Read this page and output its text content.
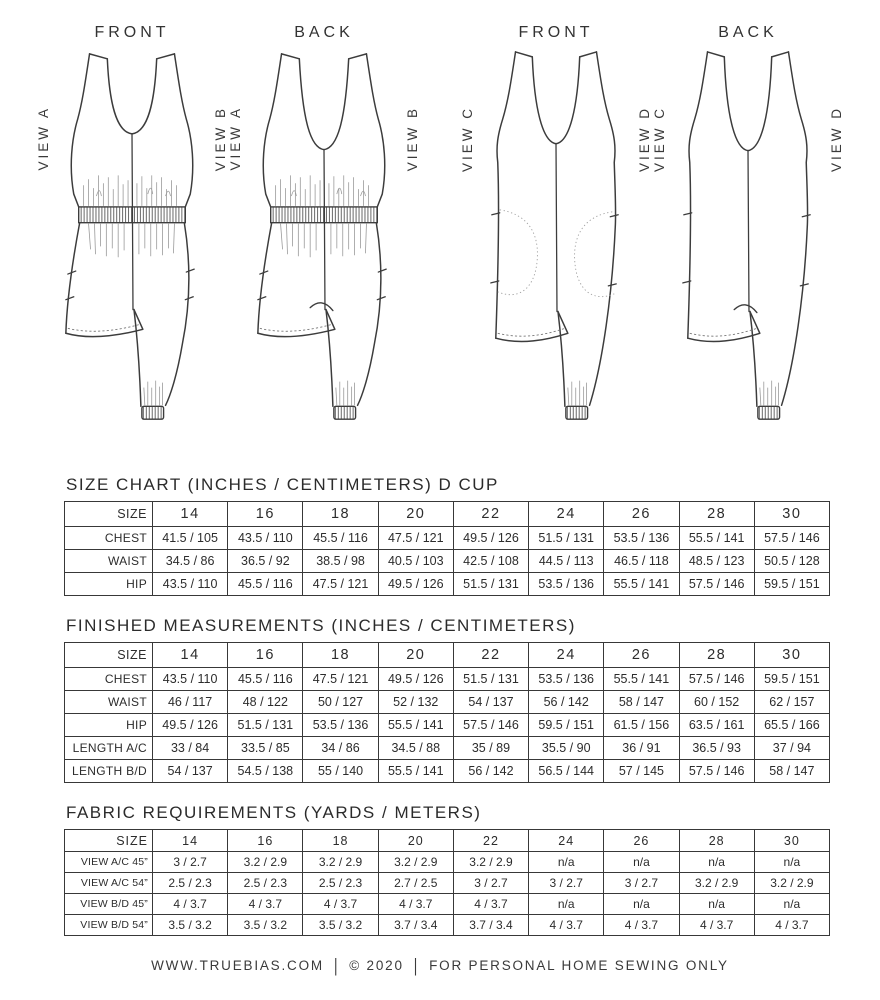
FRONT
VIEW A	VIEW B
BACK
VIEW A	VIEW B
FRONT
VIEW C	VIEW D
BACK
VIEW C	VIEW D
SIZE CHART (INCHES / CENTIMETERS) D CUP
SIZE	14	16	18	20	22	24	26	28	30
CHEST	41.5 / 105	43.5 / 110	45.5 / 116	47.5 / 121	49.5 / 126	51.5 / 131	53.5 / 136	55.5 / 141	57.5 / 146
WAIST	34.5 / 86	36.5 / 92	38.5 / 98	40.5 / 103	42.5 / 108	44.5 / 113	46.5 / 118	48.5 / 123	50.5 / 128
HIP	43.5 / 110	45.5 / 116	47.5 / 121	49.5 / 126	51.5 / 131	53.5 / 136	55.5 / 141	57.5 / 146	59.5 / 151
FINISHED MEASUREMENTS (INCHES / CENTIMETERS)
SIZE	14	16	18	20	22	24	26	28	30
CHEST	43.5 / 110	45.5 / 116	47.5 / 121	49.5 / 126	51.5 / 131	53.5 / 136	55.5 / 141	57.5 / 146	59.5 / 151
WAIST	46 / 117	48 / 122	50 / 127	52 / 132	54 / 137	56 / 142	58 / 147	60 / 152	62 / 157
HIP	49.5 / 126	51.5 / 131	53.5 / 136	55.5 / 141	57.5 / 146	59.5 / 151	61.5 / 156	63.5 / 161	65.5 / 166
LENGTH A/C	33 / 84	33.5 / 85	34 / 86	34.5 / 88	35 / 89	35.5 / 90	36 / 91	36.5 / 93	37 / 94
LENGTH B/D	54 / 137	54.5 / 138	55 / 140	55.5 / 141	56 / 142	56.5 / 144	57 / 145	57.5 / 146	58 / 147
FABRIC REQUIREMENTS (YARDS / METERS)
SIZE	14	16	18	20	22	24	26	28	30
VIEW A/C 45”	3 / 2.7	3.2 / 2.9	3.2 / 2.9	3.2 / 2.9	3.2 / 2.9	n/a	n/a	n/a	n/a
VIEW A/C 54”	2.5 / 2.3	2.5 / 2.3	2.5 / 2.3	2.7 / 2.5	3 / 2.7	3 / 2.7	3 / 2.7	3.2 / 2.9	3.2 / 2.9
VIEW B/D 45”	4 / 3.7	4 / 3.7	4 / 3.7	4 / 3.7	4 / 3.7	n/a	n/a	n/a	n/a
VIEW B/D 54”	3.5 / 3.2	3.5 / 3.2	3.5 / 3.2	3.7 / 3.4	3.7 / 3.4	4 / 3.7	4 / 3.7	4 / 3.7	4 / 3.7
WWW.TRUEBIAS.COM | © 2020 | FOR PERSONAL HOME SEWING ONLY
